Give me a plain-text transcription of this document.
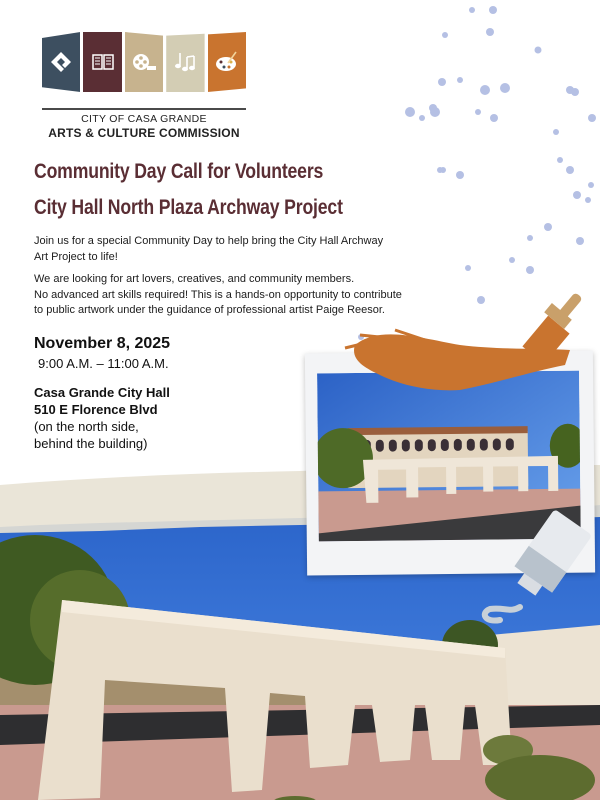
CITY OF CASA GRANDE
ARTS & CULTURE COMMISSION
Community Day Call for Volunteers
City Hall North Plaza Archway Project
Join us for a special Community Day to help bring the City Hall Archway
Art Project to life!
We are looking for art lovers, creatives, and community members.
No advanced art skills required! This is a hands-on opportunity to contribute
to public artwork under the guidance of professional artist Paige Reesor.
November 8, 2025
9:00 A.M. – 11:00 A.M.
Casa Grande City Hall
510 E Florence Blvd
(on the north side,
behind the building)
